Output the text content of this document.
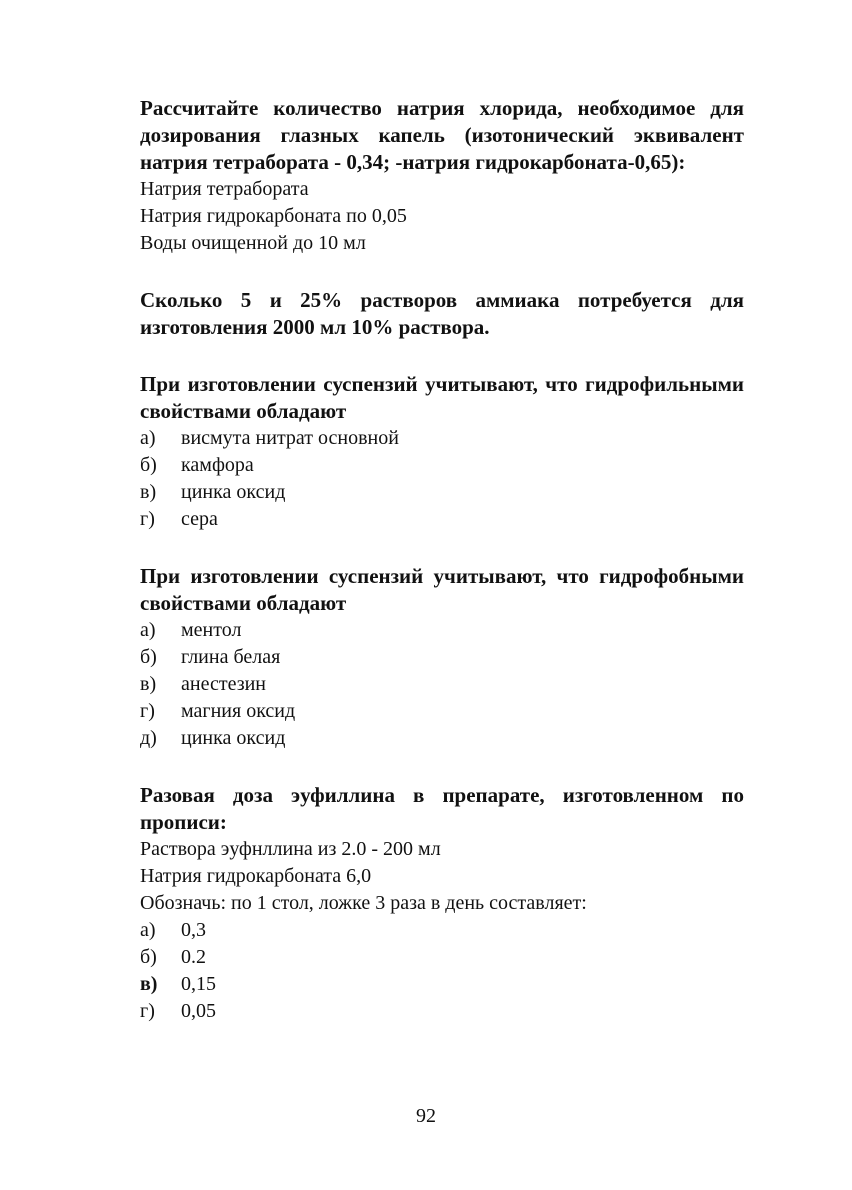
Рассчитайте количество натрия хлорида, необходимое для дозирования глазных капель (изотонический эквивалент натрия тетрабората - 0,34; -натрия гидрокарбоната-0,65):

Натрия тетрабората

Натрия гидрокарбоната по 0,05

Воды очищенной до 10 мл

Сколько 5 и 25% растворов аммиака потребуется для изготовления 2000 мл 10% раствора.

При изготовлении суспензий учитывают, что гидрофильными свойствами обладают

а)	висмута нитрат основной
б)	камфора
в)	цинка оксид
г)	сера

При изготовлении суспензий учитывают, что гидрофобными свойствами обладают

а)	ментол
б)	глина белая
в)	анестезин
г)	магния оксид
д)	цинка оксид

Разовая доза эуфиллина в препарате, изготовленном по прописи:

Раствора эуфнллина из 2.0 - 200 мл

Натрия гидрокарбоната 6,0

Обозначь: по 1 стол, ложке 3 раза в день составляет:

а)	0,3
б)	0.2
в)	0,15
г)	0,05
92
